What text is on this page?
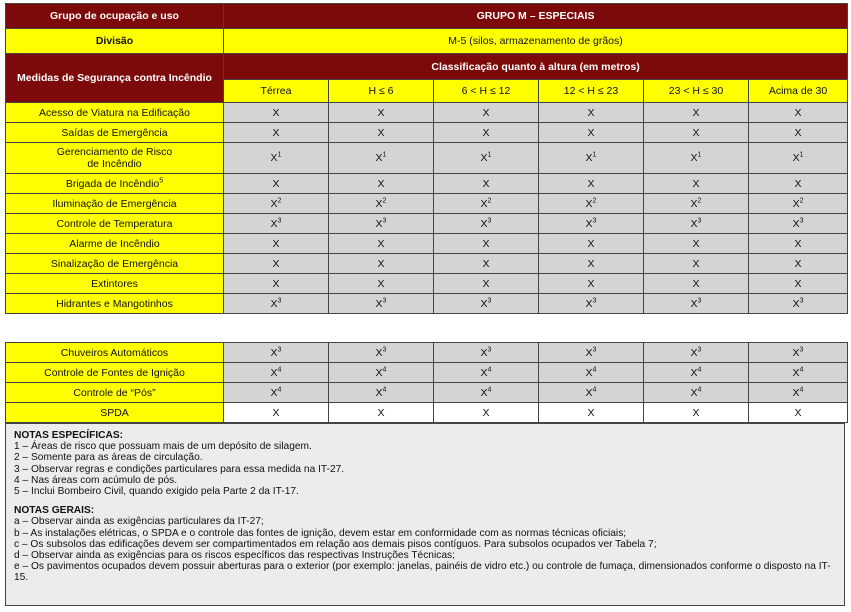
Grupo de ocupação e uso	GRUPO M – ESPECIAIS					
Divisão	M-5 (silos, armazenamento de grãos)					
Medidas de Segurança contra Incêndio	Classificação quanto à altura (em metros)					
	Térrea	H ≤ 6	6 < H ≤ 12	12 < H ≤ 23	23 < H ≤ 30	Acima de 30
Acesso de Viatura na Edificação	X	X	X	X	X	X
Saídas de Emergência	X	X	X	X	X	X
Gerenciamento de Risco
de Incêndio	$X^1$	$X^1$	$X^1$	$X^1$	$X^1$	$X^1$
Brigada de Incêndio$^5$	X	X	X	X	X	X
Iluminação de Emergência	$X^2$	$X^2$	$X^2$	$X^2$	$X^2$	$X^2$
Controle de Temperatura	$X^3$	$X^3$	$X^3$	$X^3$	$X^3$	$X^3$
Alarme de Incêndio	X	X	X	X	X	X
Sinalização de Emergência	X	X	X	X	X	X
Extintores	X	X	X	X	X	X
Hidrantes e Mangotinhos	$X^3$	$X^3$	$X^3$	$X^3$	$X^3$	$X^3$
Chuveiros Automáticos	$X^3$	$X^3$	$X^3$	$X^3$	$X^3$	$X^3$
Controle de Fontes de Ignição	$X^4$	$X^4$	$X^4$	$X^4$	$X^4$	$X^4$
Controle de “Pós”	$X^4$	$X^4$	$X^4$	$X^4$	$X^4$	$X^4$
SPDA	X	X	X	X	X	X
NOTAS ESPECÍFICAS:
1 – Áreas de risco que possuam mais de um depósito de silagem.
2 – Somente para as áreas de circulação.
3 – Observar regras e condições particulares para essa medida na IT-27.
4 – Nas áreas com acúmulo de pós.
5 – Inclui Bombeiro Civil, quando exigido pela Parte 2 da IT-17.
NOTAS GERAIS:
a – Observar ainda as exigências particulares da IT-27;
b – As instalações elétricas, o SPDA e o controle das fontes de ignição, devem estar em conformidade com as normas técnicas oficiais;
c – Os subsolos das edificações devem ser compartimentados em relação aos demais pisos contíguos. Para subsolos ocupados ver Tabela 7;
d – Observar ainda as exigências para os riscos específicos das respectivas Instruções Técnicas;
e – Os pavimentos ocupados devem possuir aberturas para o exterior (por exemplo: janelas, painéis de vidro etc.) ou controle de fumaça, dimensionados conforme o disposto na IT-15.
